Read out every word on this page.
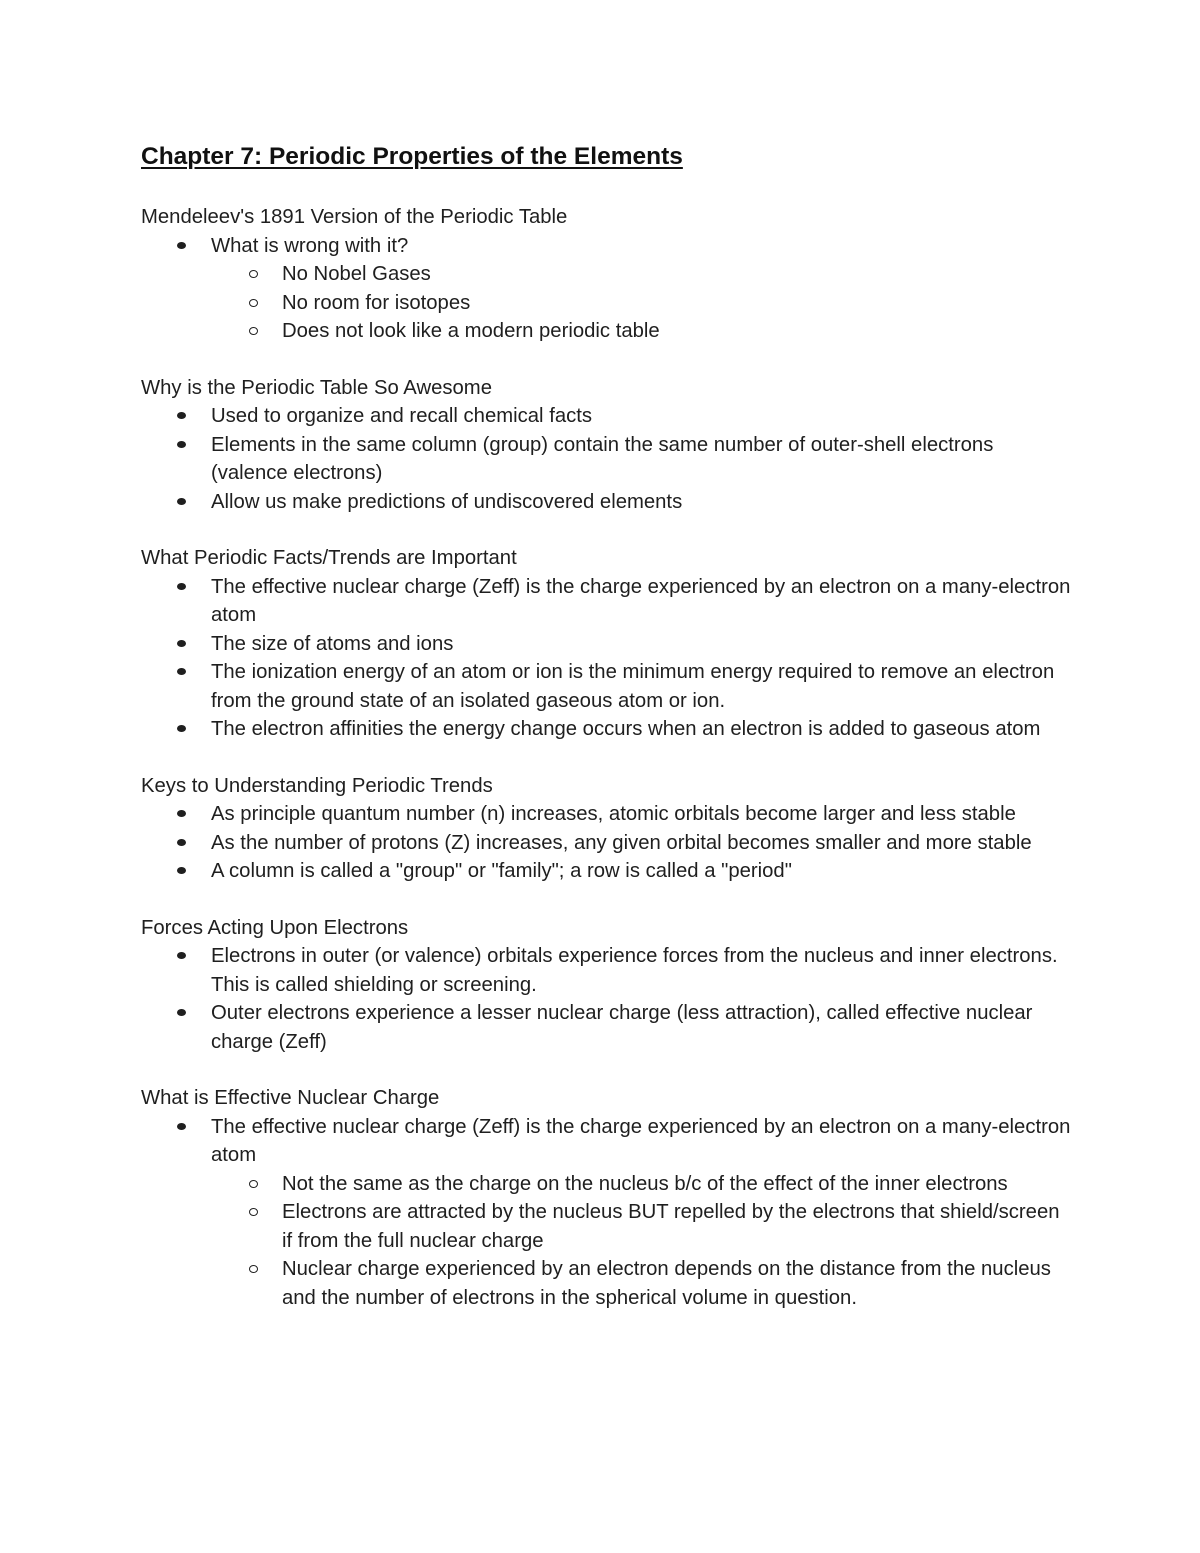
Chapter 7: Periodic Properties of the Elements

Mendeleev's 1891 Version of the Periodic Table

What is wrong with it?
No Nobel Gases
No room for isotopes
Does not look like a modern periodic table

Why is the Periodic Table So Awesome

Used to organize and recall chemical facts
Elements in the same column (group) contain the same number of outer-shell electrons (valence electrons)
Allow us make predictions of undiscovered elements

What Periodic Facts/Trends are Important

The effective nuclear charge (Zeff) is the charge experienced by an electron on a many-electron atom
The size of atoms and ions
The ionization energy of an atom or ion is the minimum energy required to remove an electron from the ground state of an isolated gaseous atom or ion.
The electron affinities the energy change occurs when an electron is added to gaseous atom

Keys to Understanding Periodic Trends

As principle quantum number (n) increases, atomic orbitals become larger and less stable
As the number of protons (Z) increases, any given orbital becomes smaller and more stable
A column is called a "group" or "family"; a row is called a "period"

Forces Acting Upon Electrons

Electrons in outer (or valence) orbitals experience forces from the nucleus and inner electrons. This is called shielding or screening.
Outer electrons experience a lesser nuclear charge (less attraction), called effective nuclear charge (Zeff)

What is Effective Nuclear Charge

The effective nuclear charge (Zeff) is the charge experienced by an electron on a many-electron atom
Not the same as the charge on the nucleus b/c of the effect of the inner electrons
Electrons are attracted by the nucleus BUT repelled by the electrons that shield/screen if from the full nuclear charge
Nuclear charge experienced by an electron depends on the distance from the nucleus and the number of electrons in the spherical volume in question.
